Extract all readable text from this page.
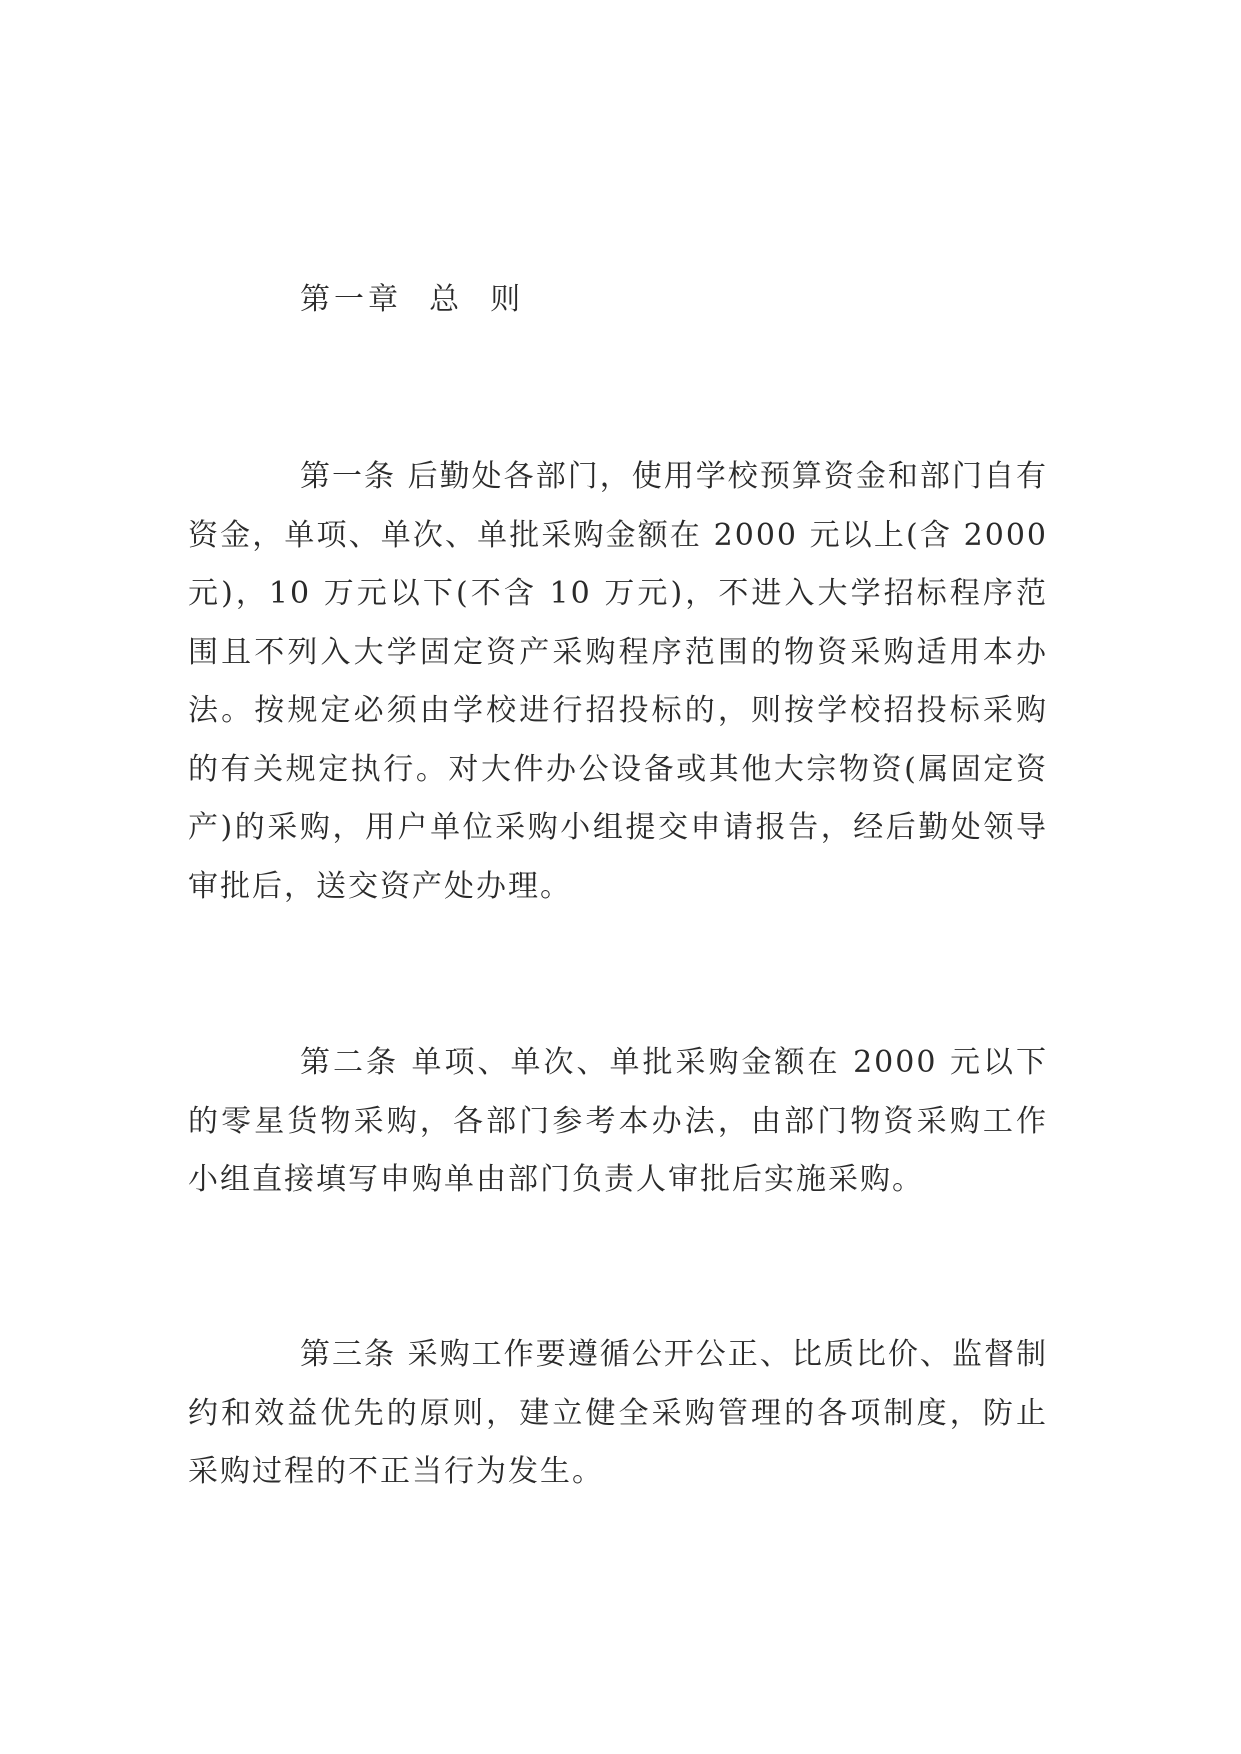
第一章  总  则

第一条 后勤处各部门，使用学校预算资金和部门自有资金，单项、单次、单批采购金额在 2000 元以上(含 2000 元)，10 万元以下(不含 10 万元)，不进入大学招标程序范围且不列入大学固定资产采购程序范围的物资采购适用本办法。按规定必须由学校进行招投标的，则按学校招投标采购的有关规定执行。对大件办公设备或其他大宗物资(属固定资产)的采购，用户单位采购小组提交申请报告，经后勤处领导审批后，送交资产处办理。

第二条 单项、单次、单批采购金额在 2000 元以下的零星货物采购，各部门参考本办法，由部门物资采购工作小组直接填写申购单由部门负责人审批后实施采购。

第三条 采购工作要遵循公开公正、比质比价、监督制约和效益优先的原则，建立健全采购管理的各项制度，防止采购过程的不正当行为发生。
